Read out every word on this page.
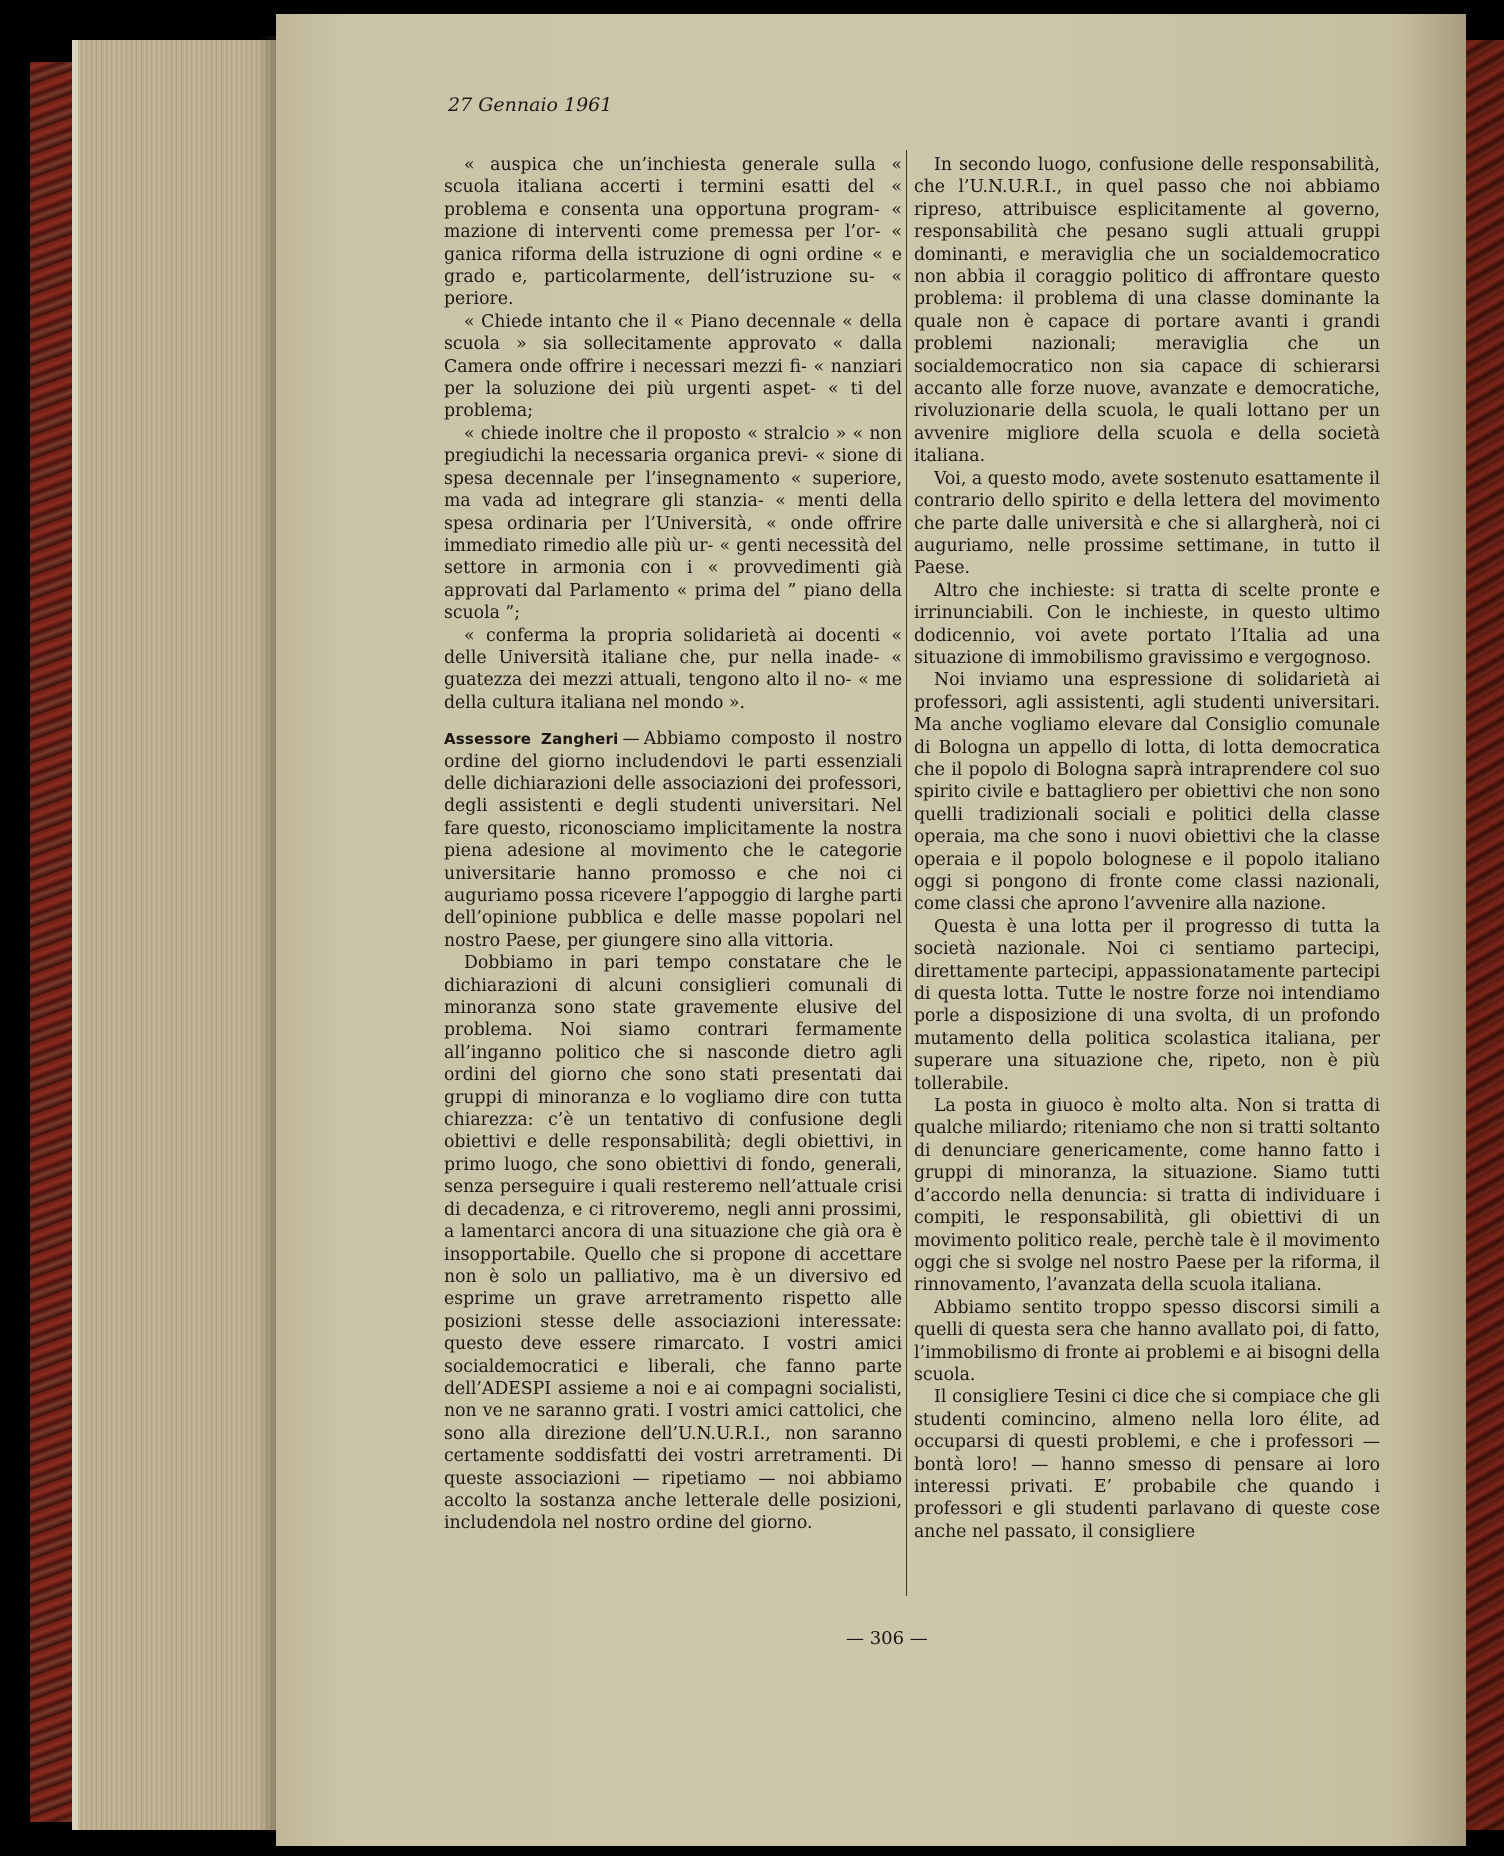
27 Gennaio 1961

« auspica che un’inchiesta generale sulla « scuola italiana accerti i termini esatti del « problema e consenta una opportuna program- « mazione di interventi come premessa per l’or- « ganica riforma della istruzione di ogni ordine « e grado e, particolarmente, dell’istruzione su- « periore.

« Chiede intanto che il « Piano decennale « della scuola » sia sollecitamente approvato « dalla Camera onde offrire i necessari mezzi fi- « nanziari per la soluzione dei più urgenti aspet- « ti del problema;

« chiede inoltre che il proposto « stralcio » « non pregiudichi la necessaria organica previ- « sione di spesa decennale per l’insegnamento « superiore, ma vada ad integrare gli stanzia- « menti della spesa ordinaria per l’Università, « onde offrire immediato rimedio alle più ur- « genti necessità del settore in armonia con i « provvedimenti già approvati dal Parlamento « prima del ” piano della scuola ”;

« conferma la propria solidarietà ai docenti « delle Università italiane che, pur nella inade- « guatezza dei mezzi attuali, tengono alto il no- « me della cultura italiana nel mondo ».

Assessore Zangheri — Abbiamo composto il nostro ordine del giorno includendovi le parti essenziali delle dichiarazioni delle associazioni dei professori, degli assistenti e degli studenti universitari. Nel fare questo, riconosciamo implicitamente la nostra piena adesione al movimento che le categorie universitarie hanno promosso e che noi ci auguriamo possa ricevere l’appoggio di larghe parti dell’opinione pubblica e delle masse popolari nel nostro Paese, per giungere sino alla vittoria.

Dobbiamo in pari tempo constatare che le dichiarazioni di alcuni consiglieri comunali di minoranza sono state gravemente elusive del problema. Noi siamo contrari fermamente all’inganno politico che si nasconde dietro agli ordini del giorno che sono stati presentati dai gruppi di minoranza e lo vogliamo dire con tutta chiarezza: c’è un tentativo di confusione degli obiettivi e delle responsabilità; degli obiettivi, in primo luogo, che sono obiettivi di fondo, generali, senza perseguire i quali resteremo nell’attuale crisi di decadenza, e ci ritroveremo, negli anni prossimi, a lamentarci ancora di una situazione che già ora è insopportabile. Quello che si propone di accettare non è solo un palliativo, ma è un diversivo ed esprime un grave arretramento rispetto alle posizioni stesse delle associazioni interessate: questo deve essere rimarcato. I vostri amici socialdemocratici e liberali, che fanno parte dell’ADESPI assieme a noi e ai compagni socialisti, non ve ne saranno grati. I vostri amici cattolici, che sono alla direzione dell’U.N.U.R.I., non saranno certamente soddisfatti dei vostri arretramenti. Di queste associazioni — ripetiamo — noi abbiamo accolto la sostanza anche letterale delle posizioni, includendola nel nostro ordine del giorno.

In secondo luogo, confusione delle responsabilità, che l’U.N.U.R.I., in quel passo che noi abbiamo ripreso, attribuisce esplicitamente al governo, responsabilità che pesano sugli attuali gruppi dominanti, e meraviglia che un socialdemocratico non abbia il coraggio politico di affrontare questo problema: il problema di una classe dominante la quale non è capace di portare avanti i grandi problemi nazionali; meraviglia che un socialdemocratico non sia capace di schierarsi accanto alle forze nuove, avanzate e democratiche, rivoluzionarie della scuola, le quali lottano per un avvenire migliore della scuola e della società italiana.

Voi, a questo modo, avete sostenuto esattamente il contrario dello spirito e della lettera del movimento che parte dalle università e che si allargherà, noi ci auguriamo, nelle prossime settimane, in tutto il Paese.

Altro che inchieste: si tratta di scelte pronte e irrinunciabili. Con le inchieste, in questo ultimo dodicennio, voi avete portato l’Italia ad una situazione di immobilismo gravissimo e vergognoso.

Noi inviamo una espressione di solidarietà ai professori, agli assistenti, agli studenti universitari. Ma anche vogliamo elevare dal Consiglio comunale di Bologna un appello di lotta, di lotta democratica che il popolo di Bologna saprà intraprendere col suo spirito civile e battagliero per obiettivi che non sono quelli tradizionali sociali e politici della classe operaia, ma che sono i nuovi obiettivi che la classe operaia e il popolo bolognese e il popolo italiano oggi si pongono di fronte come classi nazionali, come classi che aprono l’avvenire alla nazione.

Questa è una lotta per il progresso di tutta la società nazionale. Noi ci sentiamo partecipi, direttamente partecipi, appassionatamente partecipi di questa lotta. Tutte le nostre forze noi intendiamo porle a disposizione di una svolta, di un profondo mutamento della politica scolastica italiana, per superare una situazione che, ripeto, non è più tollerabile.

La posta in giuoco è molto alta. Non si tratta di qualche miliardo; riteniamo che non si tratti soltanto di denunciare genericamente, come hanno fatto i gruppi di minoranza, la situazione. Siamo tutti d’accordo nella denuncia: si tratta di individuare i compiti, le responsabilità, gli obiettivi di un movimento politico reale, perchè tale è il movimento oggi che si svolge nel nostro Paese per la riforma, il rinnovamento, l’avanzata della scuola italiana.

Abbiamo sentito troppo spesso discorsi simili a quelli di questa sera che hanno avallato poi, di fatto, l’immobilismo di fronte ai problemi e ai bisogni della scuola.

Il consigliere Tesini ci dice che si compiace che gli studenti comincino, almeno nella loro élite, ad occuparsi di questi problemi, e che i professori — bontà loro! — hanno smesso di pensare ai loro interessi privati. E’ probabile che quando i professori e gli studenti parlavano di queste cose anche nel passato, il consigliere

— 306 —
